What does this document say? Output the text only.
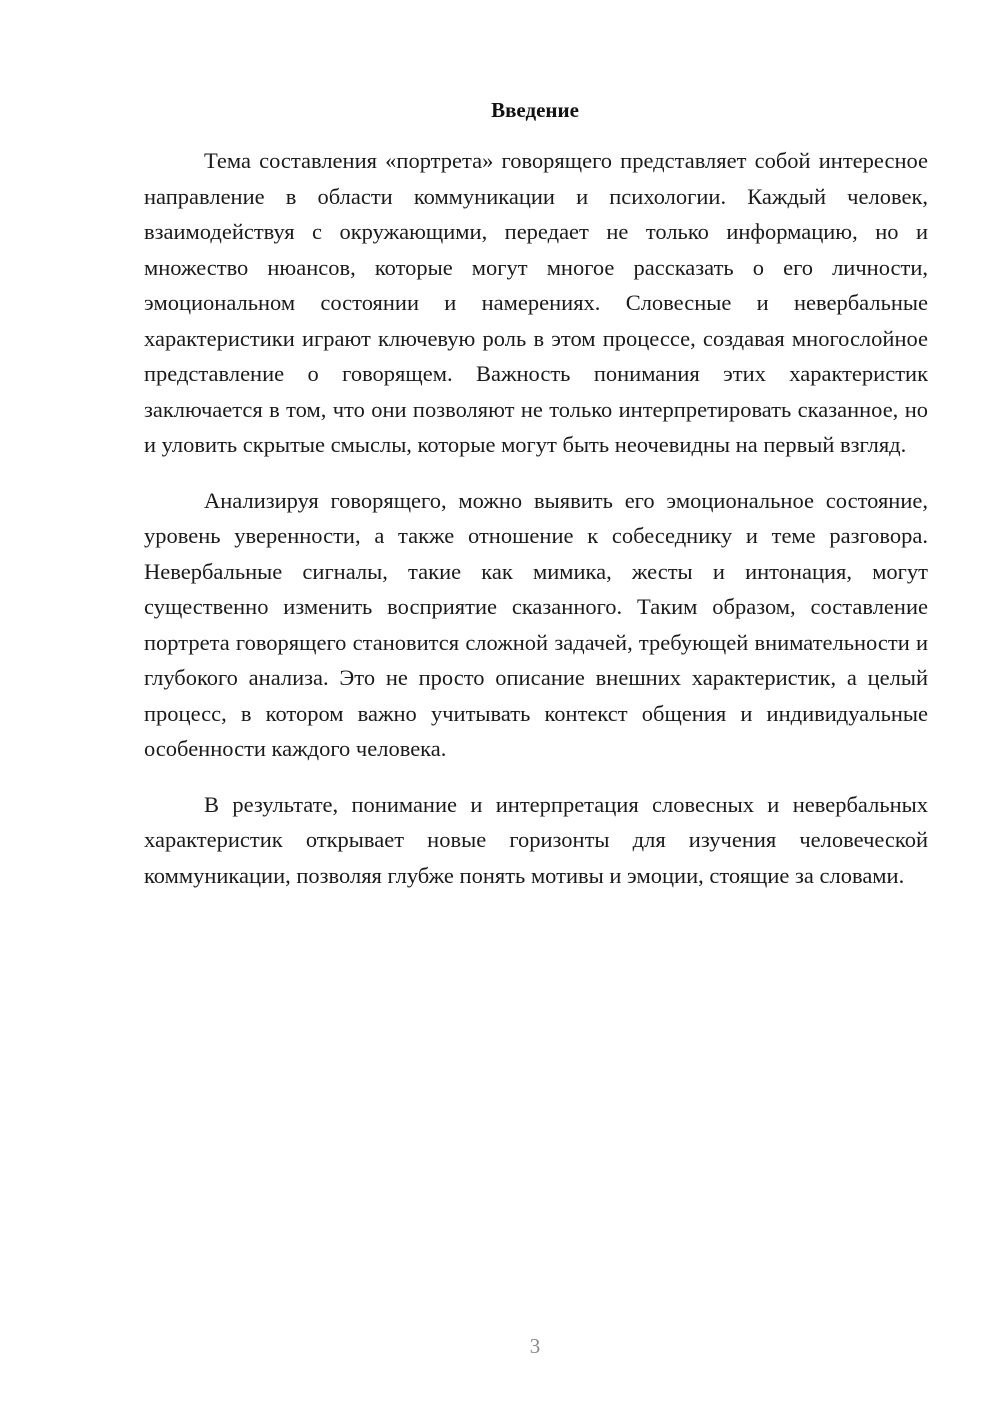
Введение

Тема составления «портрета» говорящего представляет собой интересное направление в области коммуникации и психологии. Каждый человек, взаимодействуя с окружающими, передает не только информацию, но и множество нюансов, которые могут многое рассказать о его личности, эмоциональном состоянии и намерениях. Словесные и невербальные характеристики играют ключевую роль в этом процессе, создавая многослойное представление о говорящем. Важность понимания этих характеристик заключается в том, что они позволяют не только интерпретировать сказанное, но и уловить скрытые смыслы, которые могут быть неочевидны на первый взгляд.

Анализируя говорящего, можно выявить его эмоциональное состояние, уровень уверенности, а также отношение к собеседнику и теме разговора. Невербальные сигналы, такие как мимика, жесты и интонация, могут существенно изменить восприятие сказанного. Таким образом, составление портрета говорящего становится сложной задачей, требующей внимательности и глубокого анализа. Это не просто описание внешних характеристик, а целый процесс, в котором важно учитывать контекст общения и индивидуальные особенности каждого человека.

В результате, понимание и интерпретация словесных и невербальных характеристик открывает новые горизонты для изучения человеческой коммуникации, позволяя глубже понять мотивы и эмоции, стоящие за словами.

3
